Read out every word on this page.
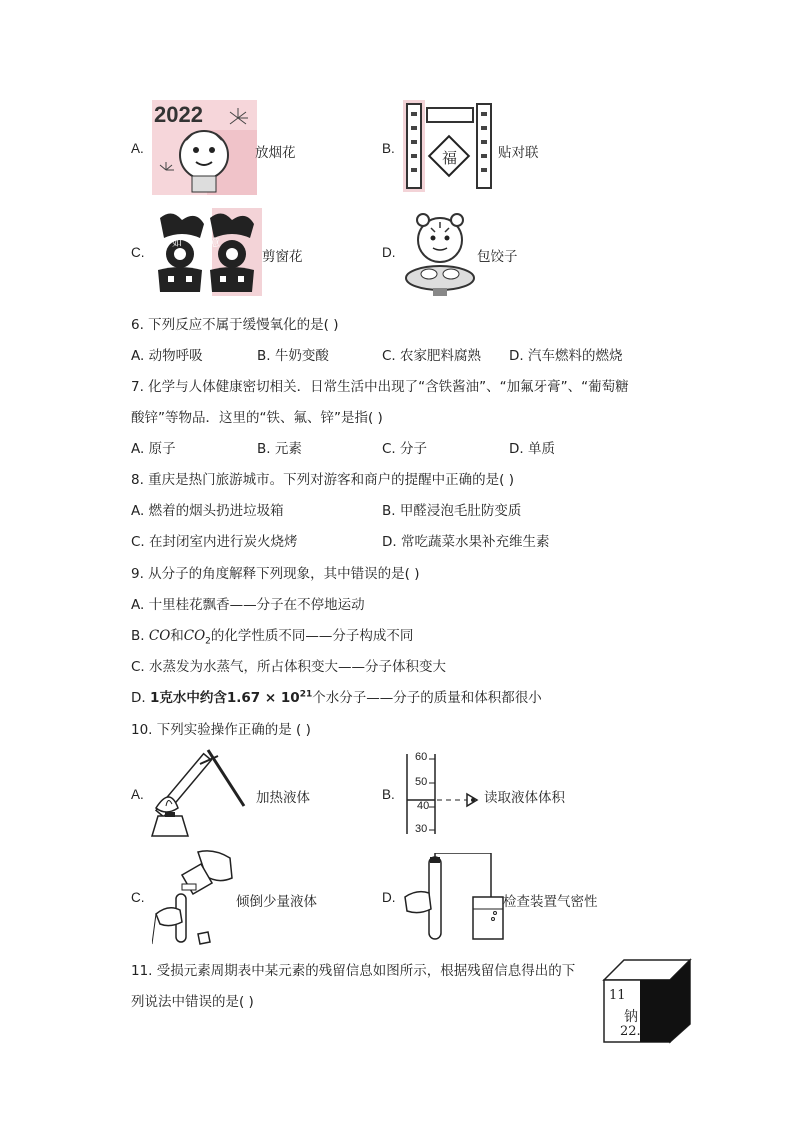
A.
2022
放烟花	B.
福	贴对联
C.
如意
剪窗花	D.	包饺子
6. 下列反应不属于缓慢氧化的是( )
A. 动物呼吸	B. 牛奶变酸	C. 农家肥料腐熟 D. 汽车燃料的燃烧
7. 化学与人体健康密切相关．日常生活中出现了“含铁酱油”、“加氟牙膏”、“葡萄糖
酸锌”等物品．这里的“铁、氟、锌”是指( )
A. 原子	B. 元素	C. 分子	D. 单质
8. 重庆是热门旅游城市。下列对游客和商户的提醒中正确的是( )
A. 燃着的烟头扔进垃圾箱	B. 甲醛浸泡毛肚防变质
C. 在封闭室内进行炭火烧烤	D. 常吃蔬菜水果补充维生素
9. 从分子的角度解释下列现象，其中错误的是( )
A. 十里桂花飘香——分子在不停地运动
B. CO和$CO_2$的化学性质不同——分子构成不同
C. 水蒸发为水蒸气，所占体积变大——分子体积变大
D. 1克水中约含$1.67 \times 10^{21}$个水分子——分子的质量和体积都很小
10. 下列实验操作正确的是 ( )
A.	加热液体	B.
60
50
40
30
读取液体体积
C.	倾倒少量液体	D.	检查装置气密性
11. 受损元素周期表中某元素的残留信息如图所示，根据残留信息得出的下
列说法中错误的是( )	11
钠
22.
